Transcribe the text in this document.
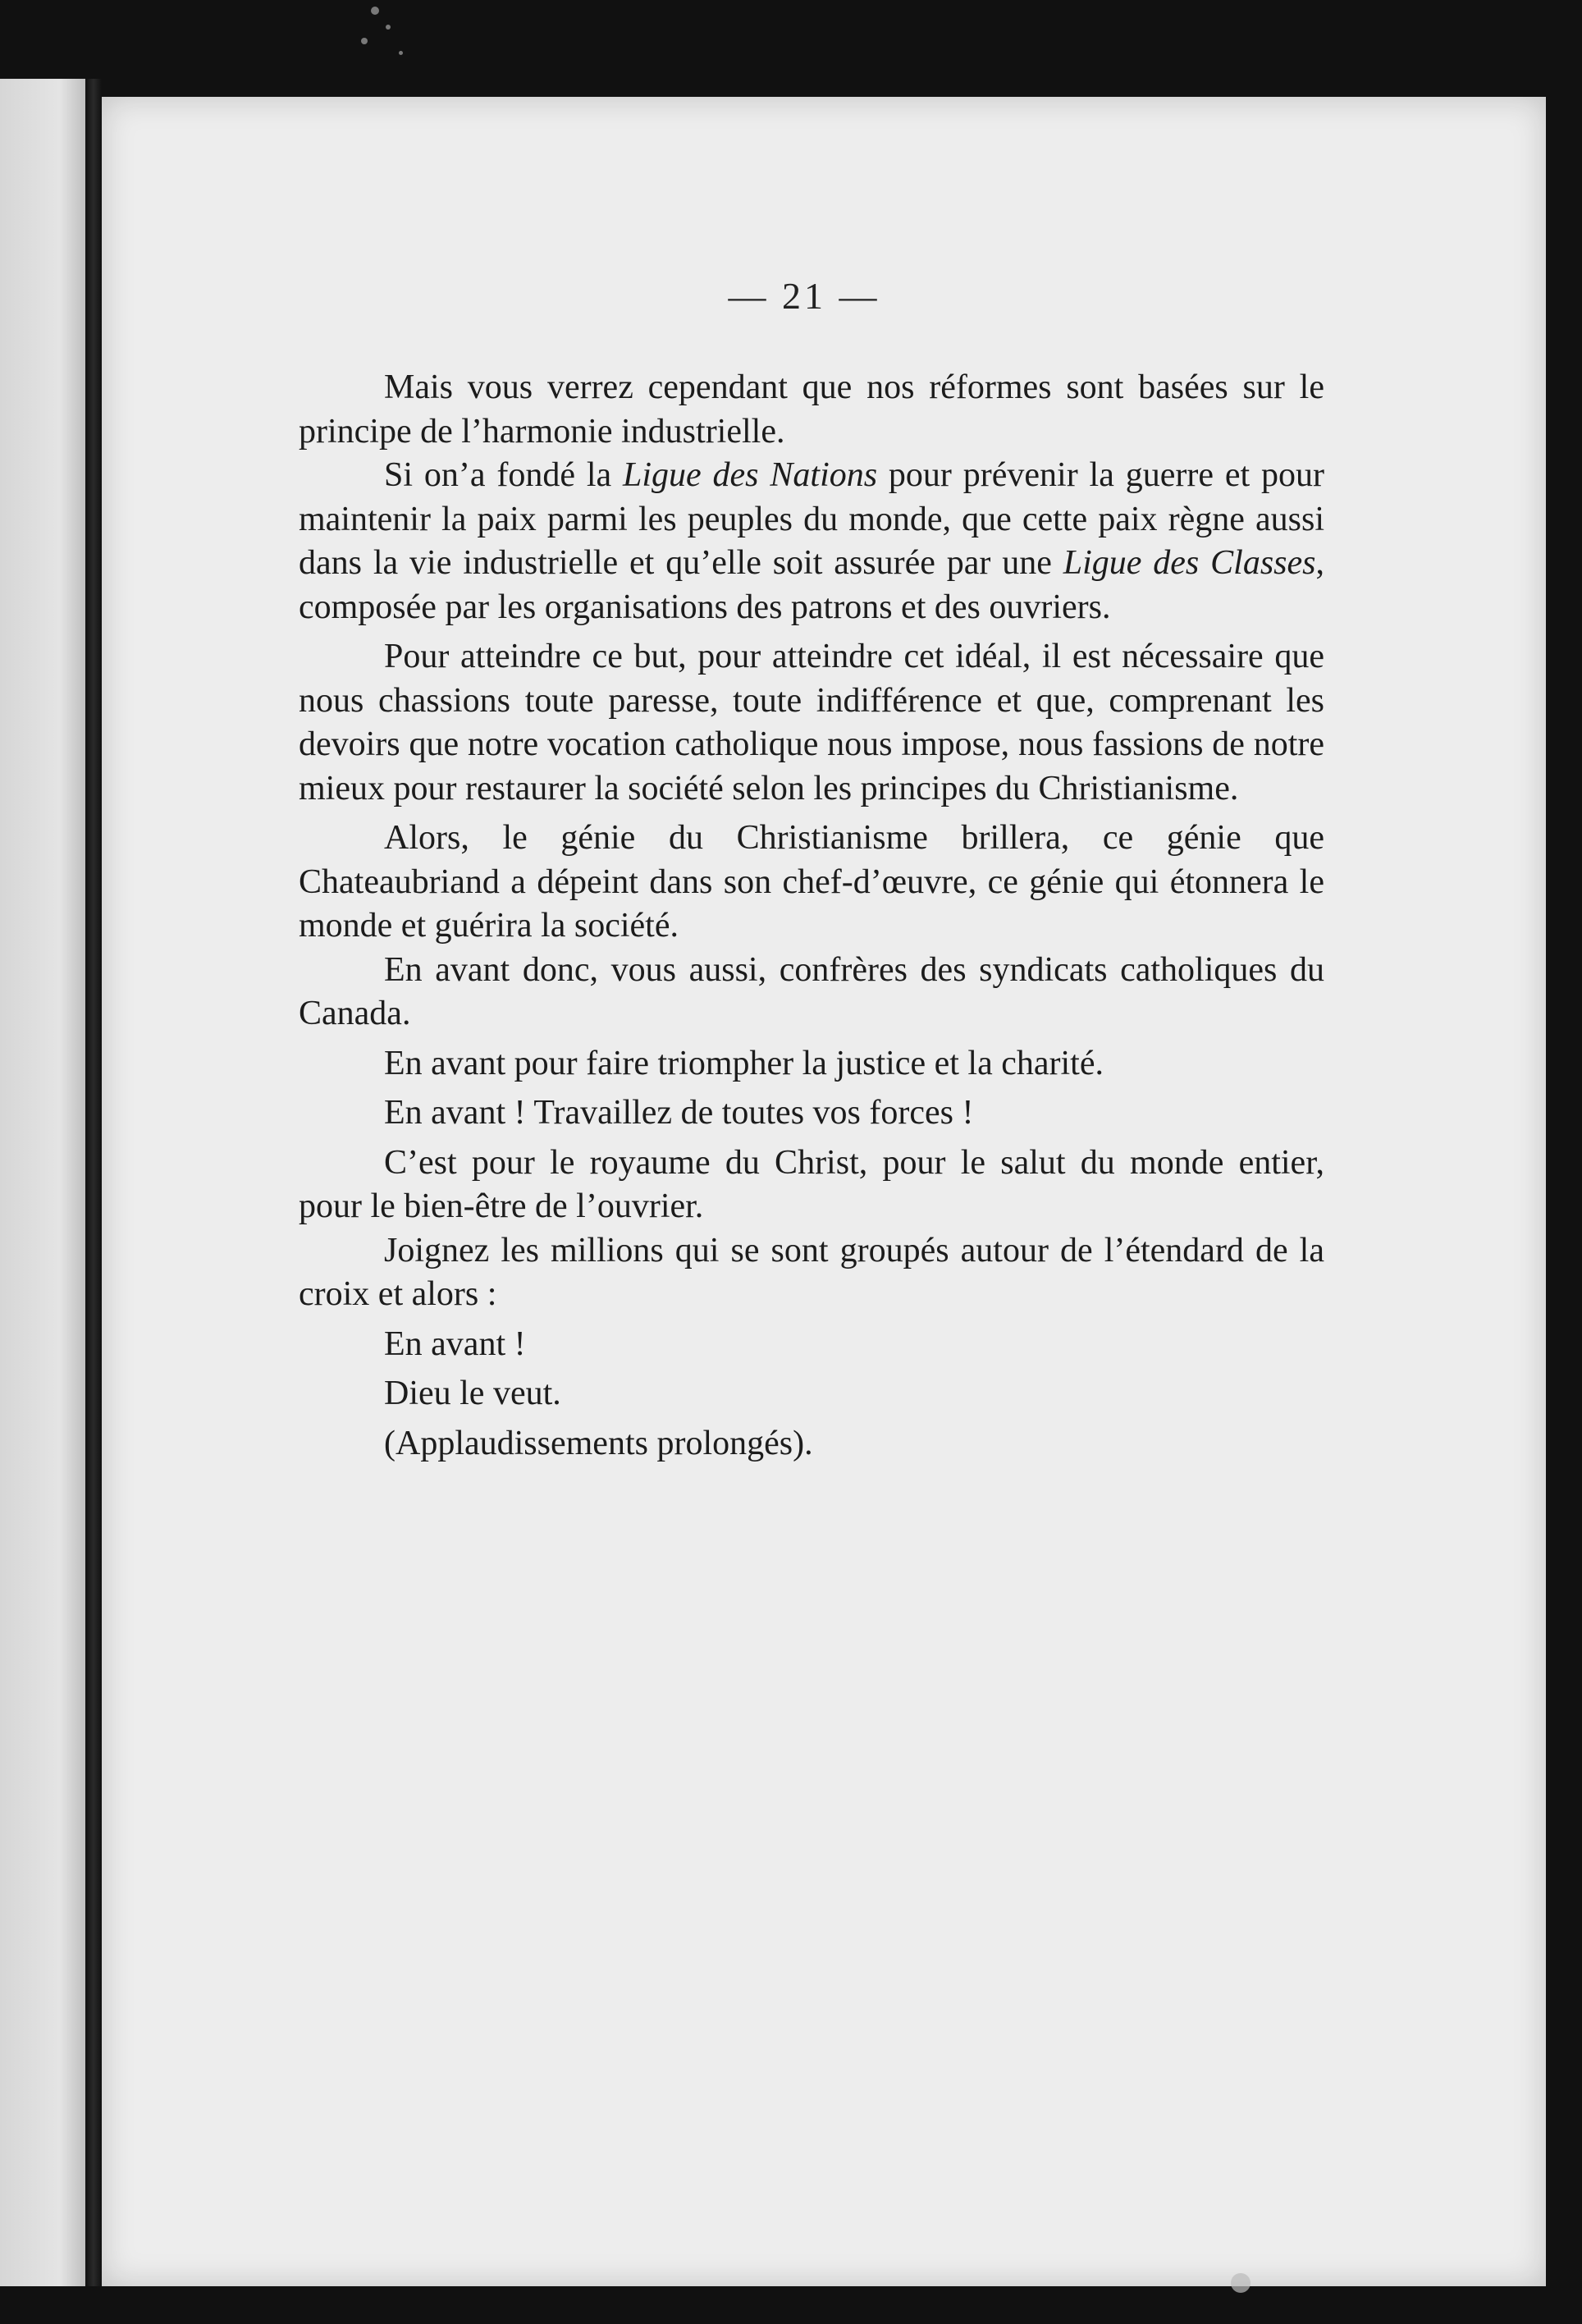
— 21 —

Mais vous verrez cependant que nos réformes sont basées sur le principe de l’harmonie industrielle.

Si on’a fondé la Ligue des Nations pour prévenir la guerre et pour maintenir la paix parmi les peuples du monde, que cette paix règne aussi dans la vie industrielle et qu’elle soit assurée par une Ligue des Classes, composée par les organisations des patrons et des ouvriers.

Pour atteindre ce but, pour atteindre cet idéal, il est nécessaire que nous chassions toute paresse, toute indifférence et que, comprenant les devoirs que notre vocation catholique nous impose, nous fassions de notre mieux pour restaurer la société selon les principes du Christianisme.

Alors, le génie du Christianisme brillera, ce génie que Chateaubriand a dépeint dans son chef-d’œuvre, ce génie qui étonnera le monde et guérira la société.

En avant donc, vous aussi, confrères des syndicats catholiques du Canada.

En avant pour faire triompher la justice et la charité.

En avant ! Travaillez de toutes vos forces !

C’est pour le royaume du Christ, pour le salut du monde entier, pour le bien-être de l’ouvrier.

Joignez les millions qui se sont groupés autour de l’étendard de la croix et alors :

En avant !

Dieu le veut.

(Applaudissements prolongés).
